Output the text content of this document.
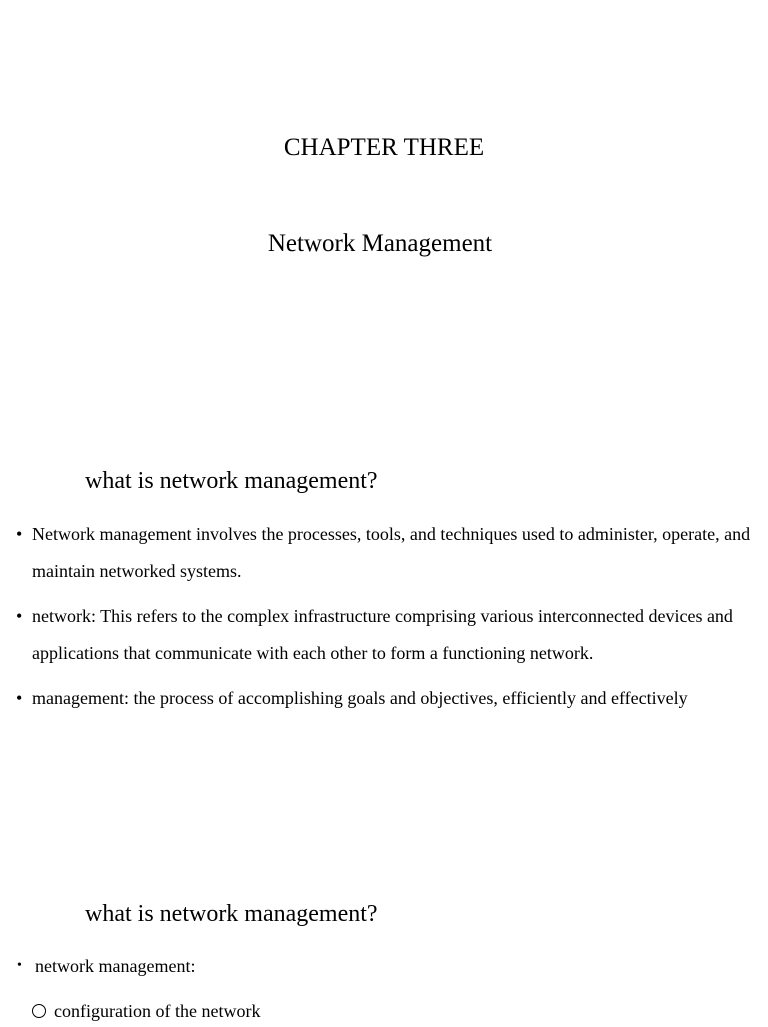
CHAPTER THREE
Network Management
what is network management?
• Network management involves the processes, tools, and techniques used to administer, operate, and maintain networked systems.
• network: This refers to the complex infrastructure comprising various interconnected devices and applications that communicate with each other to form a functioning network.
• management: the process of accomplishing goals and objectives, efficiently and effectively
what is network management?
• network management:
configuration of the network
